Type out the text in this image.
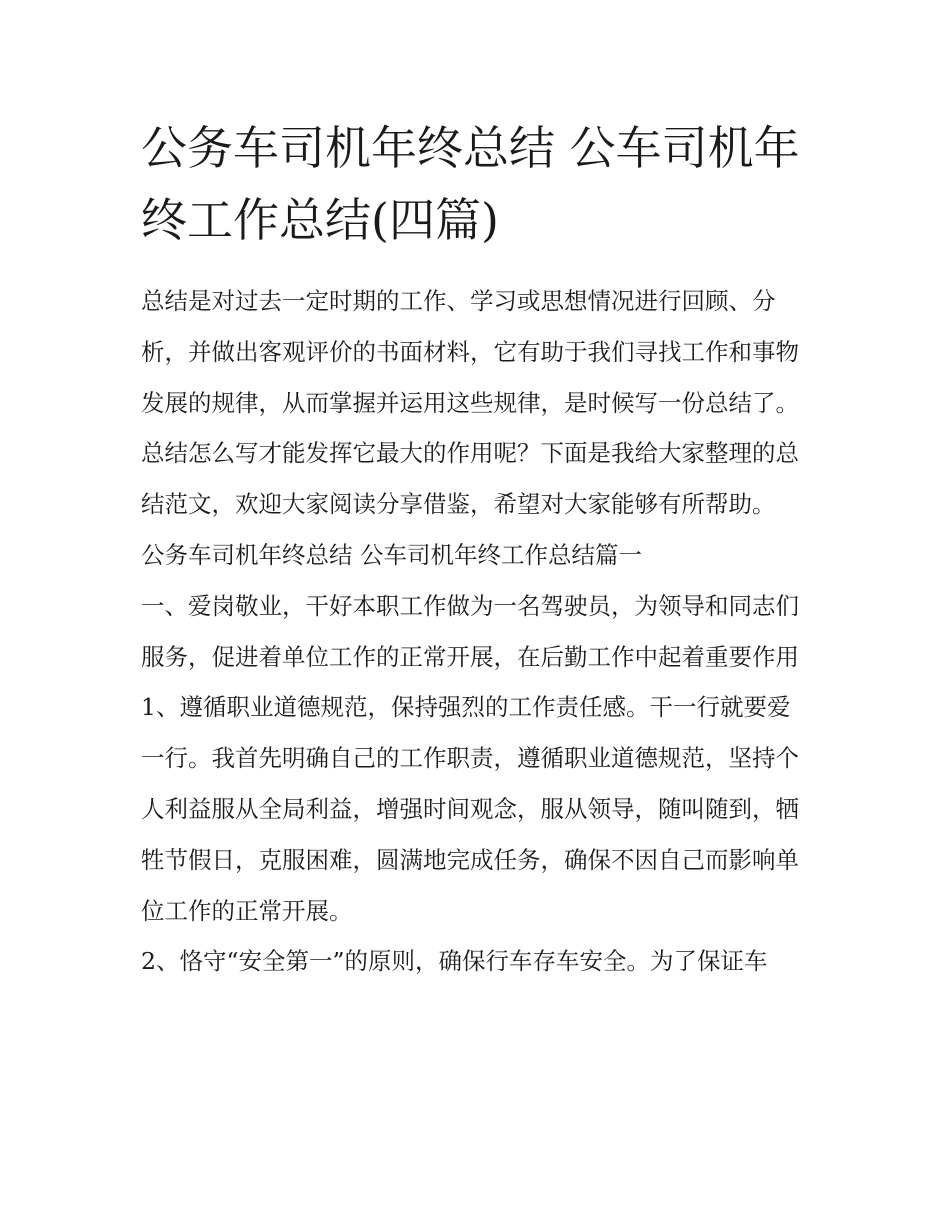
公务车司机年终总结 公车司机年终工作总结(四篇)

总结是对过去一定时期的工作、学习或思想情况进行回顾、分析，并做出客观评价的书面材料，它有助于我们寻找工作和事物发展的规律，从而掌握并运用这些规律，是时候写一份总结了。总结怎么写才能发挥它最大的作用呢？下面是我给大家整理的总结范文，欢迎大家阅读分享借鉴，希望对大家能够有所帮助。

公务车司机年终总结 公车司机年终工作总结篇一

一、爱岗敬业，干好本职工作做为一名驾驶员，为领导和同志们服务，促进着单位工作的正常开展，在后勤工作中起着重要作用

1、遵循职业道德规范，保持强烈的工作责任感。干一行就要爱一行。我首先明确自己的工作职责，遵循职业道德规范，坚持个人利益服从全局利益，增强时间观念，服从领导，随叫随到，牺牲节假日，克服困难，圆满地完成任务，确保不因自己而影响单位工作的正常开展。

2、恪守“安全第一”的原则，确保行车存车安全。为了保证车
